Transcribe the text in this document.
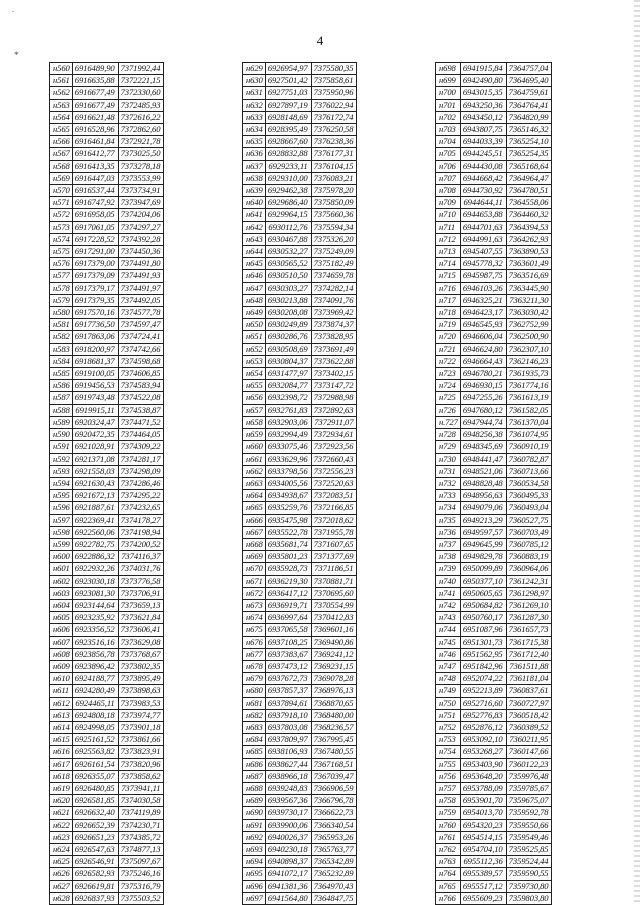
.
*
4
н560	6916489,90	7371992,44
н561	6916635,88	7372221,15
н562	6916677,49	7372330,60
н563	6916677,49	7372485,93
н564	6916621,48	7372616,22
н565	6916528,96	7372862,60
н566	6916461,84	7372921,78
н567	6916412,77	7373025,50
н568	6916413,35	7373278,18
н569	6916447,03	7373553,99
н570	6916537,44	7373734,91
н571	6916747,92	7373947,69
н572	6916958,05	7374204,06
н573	6917061,05	7374297,27
н574	6917228,52	7374392,28
н575	6917291,00	7374450,36
н576	6917379,00	7374491,80
н577	6917379,09	7374491,93
н578	6917379,17	7374491,97
н579	6917379,35	7374492,05
н580	6917570,16	7374577,78
н581	6917736,50	7374597,47
н582	6917863,06	7374724,41
н583	6918200,97	7374742,66
н584	6918681,37	7374598,68
н585	6919100,05	7374606,85
н586	6919456,53	7374583,94
н587	6919743,48	7374522,08
н588	6919915,11	7374538,87
н589	6920324,47	7374471,52
н590	6920472,35	7374464,05
н591	6921028,91	7374309,22
н592	6921371,08	7374281,17
н593	6921558,03	7374298,09
н594	6921630,43	7374286,46
н595	6921672,13	7374295,22
н596	6921887,61	7374232,65
н597	6922369,41	7374178,27
н598	6922560,06	7374198,94
н599	6922782,75	7374200,52
н600	6922886,32	7374116,37
н601	6922932,26	7374031,76
н602	6923030,18	7373776,58
н603	6923081,30	7373706,91
н604	6923144,64	7373659,13
н605	6923235,92	7373621,84
н606	6923356,52	7373606,41
н607	6923516,16	7373629,08
н608	6923856,78	7373768,67
н609	6923896,42	7373802,35
н610	6924188,77	7373895,49
н611	6924280,49	7373898,63
н612	6924465,11	7373983,53
н613	6924808,18	7373974,77
н614	6924998,05	7373901,18
н615	6925161,52	7373861,66
н616	6925563,82	7373823,91
н617	6926161,54	7373820,96
н618	6926355,07	7373858,62
н619	6926480,85	7373941,11
н620	6926581,85	7374030,58
н621	6926632,40	7374119,89
н622	6926652,39	7374230,71
н623	6926651,23	7374385,72
н624	6926547,63	7374877,13
н625	6926546,91	7375097,67
н626	6926582,93	7375246,16
н627	6926619,81	7375316,79
н628	6926837,93	7375503,52
н629	6926954,97	7375580,35
н630	6927501,42	7375858,61
н631	6927751,03	7375950,96
н632	6927897,19	7376022,94
н633	6928148,69	7376172,74
н634	6928395,49	7376250,58
н635	6928667,60	7376238,36
н636	6928832,88	7376177,31
н637	6929233,11	7376104,15
н638	6929310,00	7376083,21
н639	6929462,38	7375978,20
н640	6929686,40	7375850,09
н641	6929964,15	7375660,36
н642	6930112,76	7375594,34
н643	6930467,88	7375326,20
н644	6930532,27	7375249,09
н645	6930565,52	7375182,49
н646	6930510,50	7374659,78
н647	6930303,27	7374282,14
н648	6930213,88	7374091,76
н649	6930208,08	7373969,42
н650	6930249,89	7373874,37
н651	6930286,76	7373828,95
н652	6930508,69	7373691,49
н653	6930804,37	7373622,88
н654	6931477,97	7373402,15
н655	6932084,77	7373147,72
н656	6932398,72	7372988,98
н657	6932761,83	7372892,63
н658	6932903,06	7372911,07
н659	6932994,49	7372934,61
н660	6933075,46	7372923,56
н661	6933629,96	7372660,43
н662	6933798,56	7372556,23
н663	6934005,56	7372520,63
н664	6934938,67	7372083,51
н665	6935259,76	7372166,85
н666	6935475,98	7372018,62
н667	6935522,78	7371955,78
н668	6935681,74	7371607,65
н669	6935801,23	7371377,69
н670	6935928,73	7371186,51
н671	6936219,30	7370881,71
н672	6936417,12	7370695,60
н673	6936919,71	7370554,99
н674	6936997,64	7370412,83
н675	6937065,58	7369601,16
н676	6937108,25	7369490,86
н677	6937383,67	7369241,12
н678	6937473,12	7369231,15
н679	6937672,73	7369078,28
н680	6937857,37	7368976,13
н681	6937894,61	7368870,65
н682	6937918,10	7368480,00
н683	6937803,08	7368236,57
н684	6937809,97	7367995,45
н685	6938106,93	7367480,55
н686	6938627,44	7367168,51
н687	6938966,18	7367039,47
н688	6939248,83	7366906,59
н689	6939567,36	7366796,78
н690	6939730,17	7366622,73
н691	6939900,06	7366340,54
н692	6940026,37	7365953,26
н693	6940230,18	7365763,77
н694	6940898,37	7365342,89
н695	6941072,17	7365232,89
н696	6941381,36	7364970,43
н697	6941564,80	7364847,75
н698	6941915,84	7364757,04
н699	6942490,80	7364695,40
н700	6943015,35	7364759,61
н701	6943250,36	7364764,41
н702	6943450,12	7364820,99
н703	6943807,75	7365146,32
н704	6944033,39	7365254,10
н705	6944245,51	7365254,35
н706	6944430,08	7365168,64
н707	6944668,42	7364964,47
н708	6944730,92	7364780,51
н709	6944644,11	7364558,06
н710	6944653,88	7364460,32
н711	6944701,63	7364394,53
н712	6944991,63	7364262,93
н713	6945407,55	7363890,53
н714	6945778,32	7363601,49
н715	6945987,75	7363516,69
н716	6946103,26	7363445,90
н717	6946325,21	7363211,30
н718	6946423,17	7363030,42
н719	6946545,93	7362752,99
н720	6946606,04	7362500,90
н721	6946624,80	7362307,10
н722	6946664,43	7362146,23
н723	6946780,21	7361935,73
н724	6946930,15	7361774,16
н725	6947255,26	7361613,19
н726	6947680,12	7361582,05
н.727	6947944,74	7361370,04
н728	6948256,38	7361074,95
н729	6948345,69	7360910,19
н730	6948441,47	7360782,87
н731	6948521,06	7360713,66
н732	6948828,48	7360534,58
н733	6948956,63	7360495,33
н734	6949079,06	7360493,04
н735	6949213,29	7360527,75
н736	6949597,57	7360703,49
н737	6949645,99	7360785,12
н738	6949829,78	7360883,19
н739	6950099,89	7360964,06
н740	6950377,10	7361242,31
н741	6950605,65	7361298,97
н742	6950684,82	7361269,10
н743	6950760,17	7361287,30
н744	6951087,96	7361657,73
н745	6951301,73	7361715,38
н746	6951562,95	7361712,40
н747	6951842,96	7361511,88
н748	6952074,22	7361181,04
н749	6952213,89	7360837,61
н750	6952716,60	7360727,97
н751	6952776,83	7360518,42
н752	6952876,12	7360389,52
н753	6953092,10	7360211,95
н754	6953268,27	7360147,66
н755	6953403,90	7360122,23
н756	6953648,20	7359976,48
н757	6953788,09	7359785,67
н758	6953901,70	7359675,07
н759	6954013,70	7359592,78
н760	6954320,23	7359550,66
н761	6954514,15	7359549,46
н762	6954704,10	7359525,85
н763	6955112,36	7359524,44
н764	6955389,57	7359590,55
н765	6955517,12	7359730,80
н766	6955609,23	7359803,80
